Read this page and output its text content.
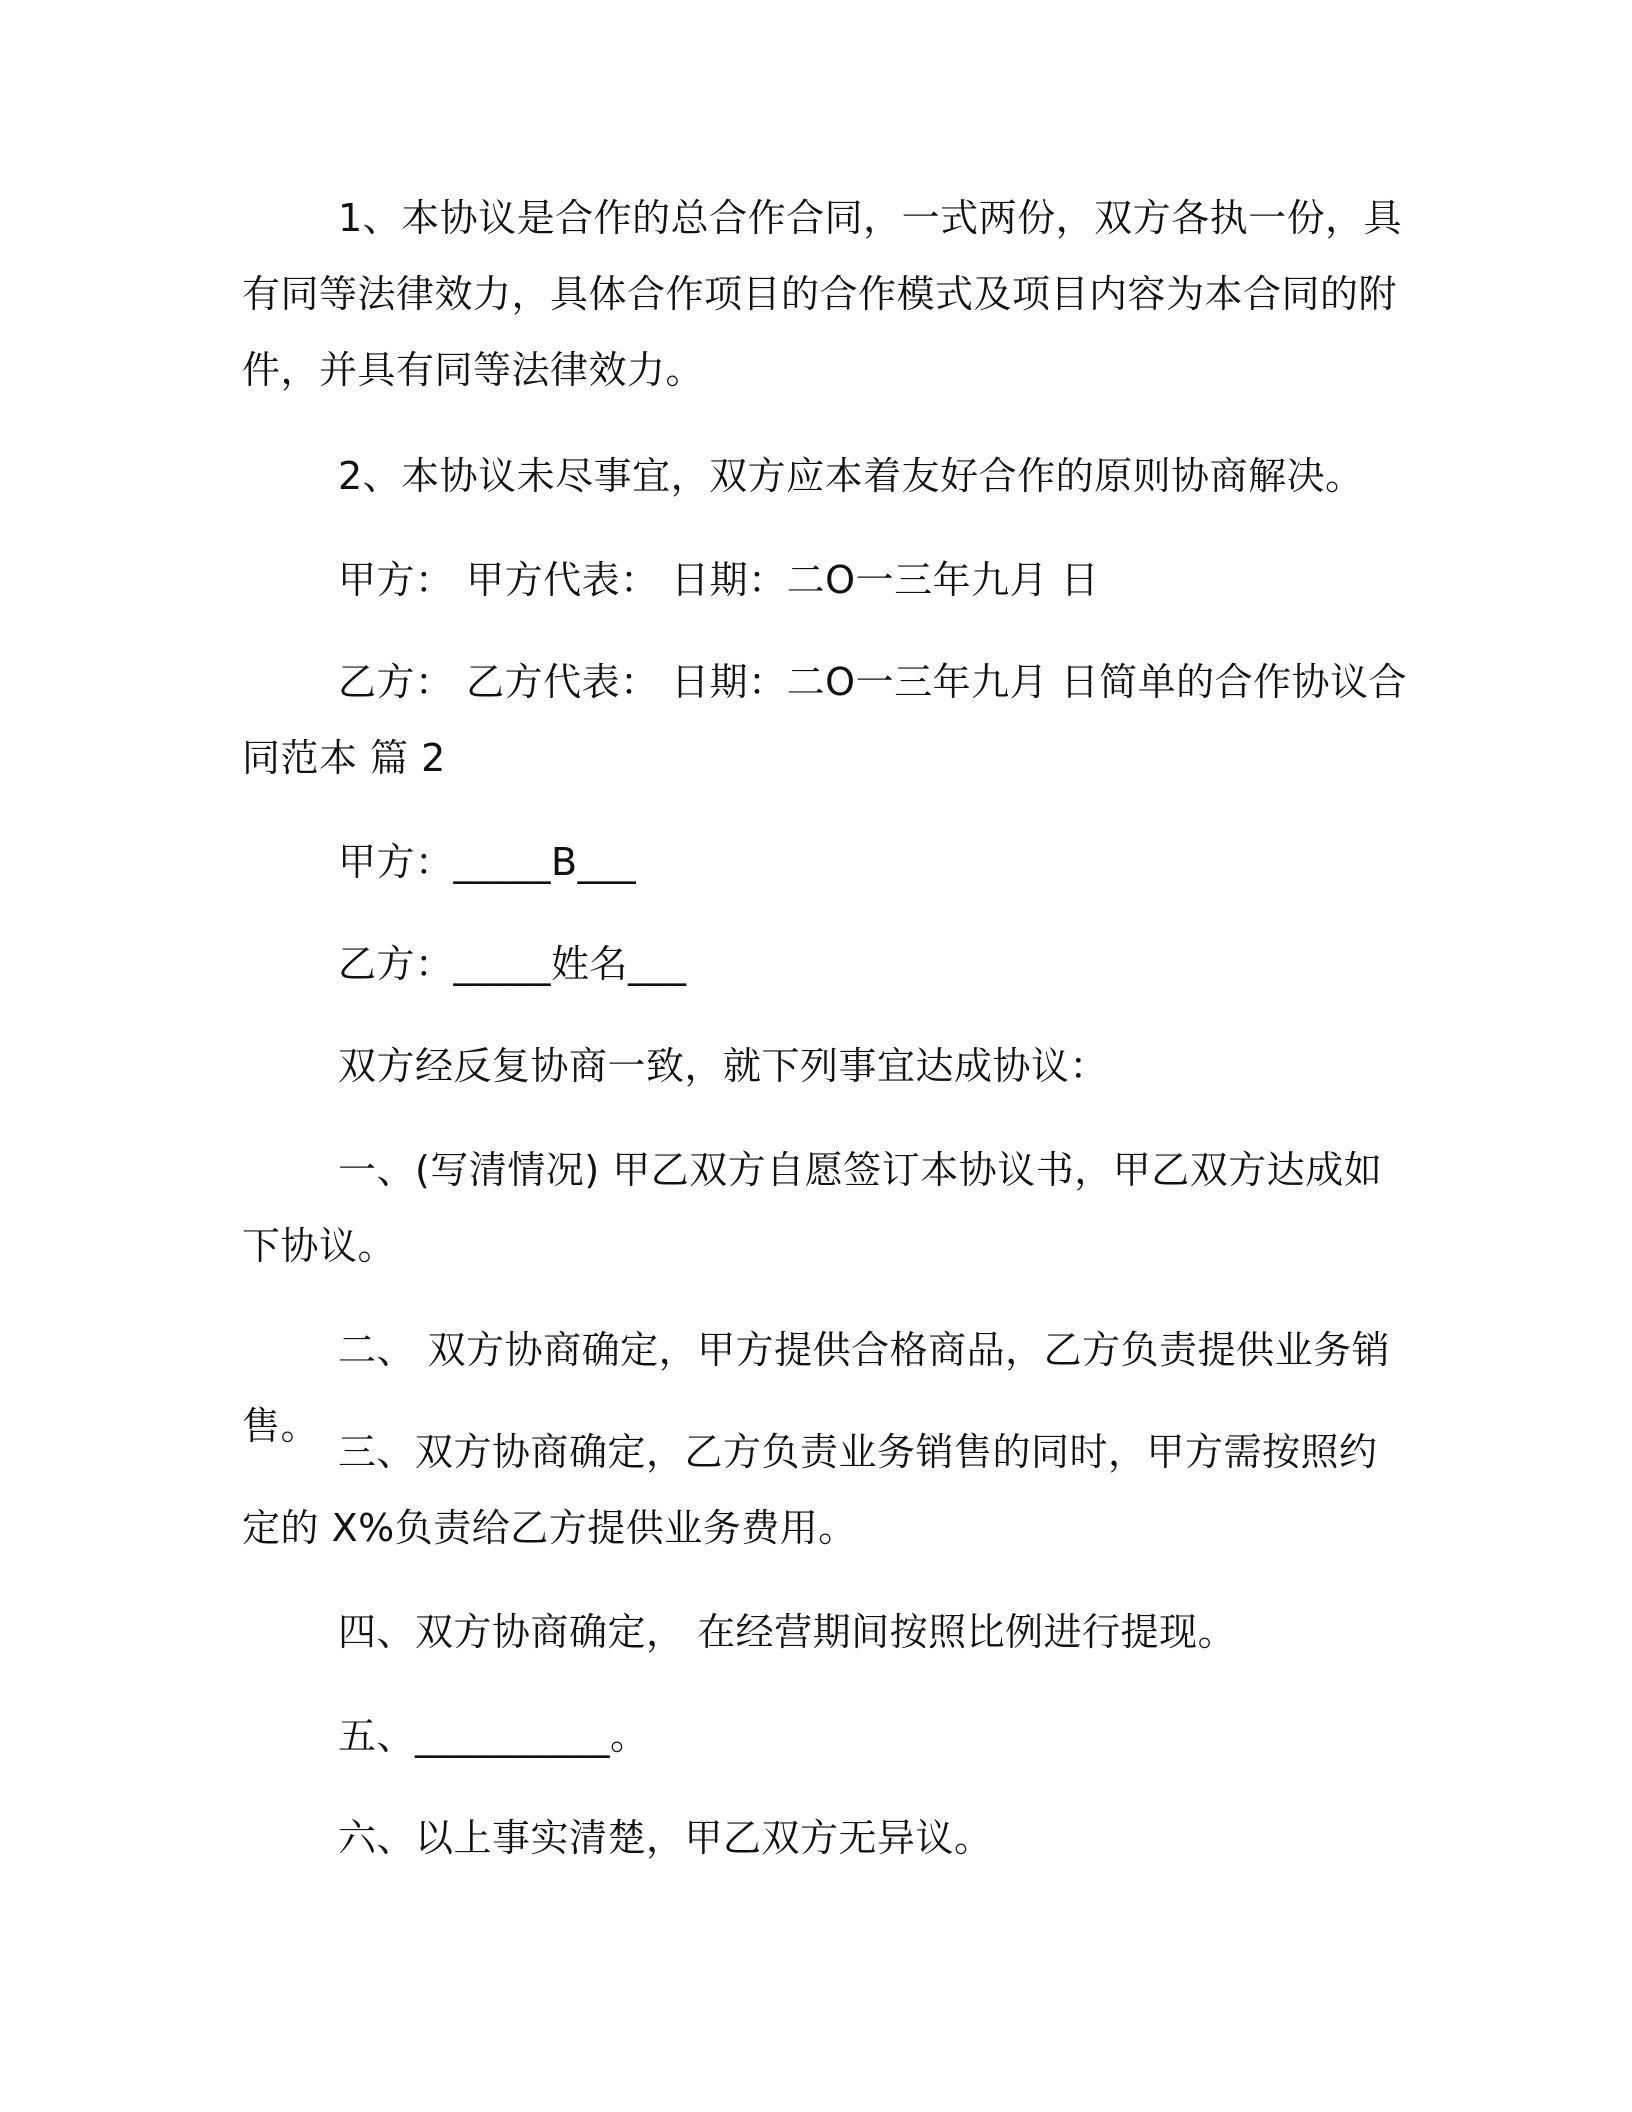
1、本协议是合作的总合作合同，一式两份，双方各执一份，具有同等法律效力，具体合作项目的合作模式及项目内容为本合同的附件，并具有同等法律效力。

2、本协议未尽事宜，双方应本着友好合作的原则协商解决。

甲方： 甲方代表： 日期：二O一三年九月 日

乙方： 乙方代表： 日期：二O一三年九月 日简单的合作协议合同范本 篇 2

甲方：_____B___

乙方：_____姓名___

双方经反复协商一致，就下列事宜达成协议：

一、(写清情况) 甲乙双方自愿签订本协议书，甲乙双方达成如下协议。

二、 双方协商确定，甲方提供合格商品，乙方负责提供业务销售。

三、双方协商确定，乙方负责业务销售的同时，甲方需按照约定的 X%负责给乙方提供业务费用。

四、双方协商确定， 在经营期间按照比例进行提现。

五、__________。

六、以上事实清楚，甲乙双方无异议。
